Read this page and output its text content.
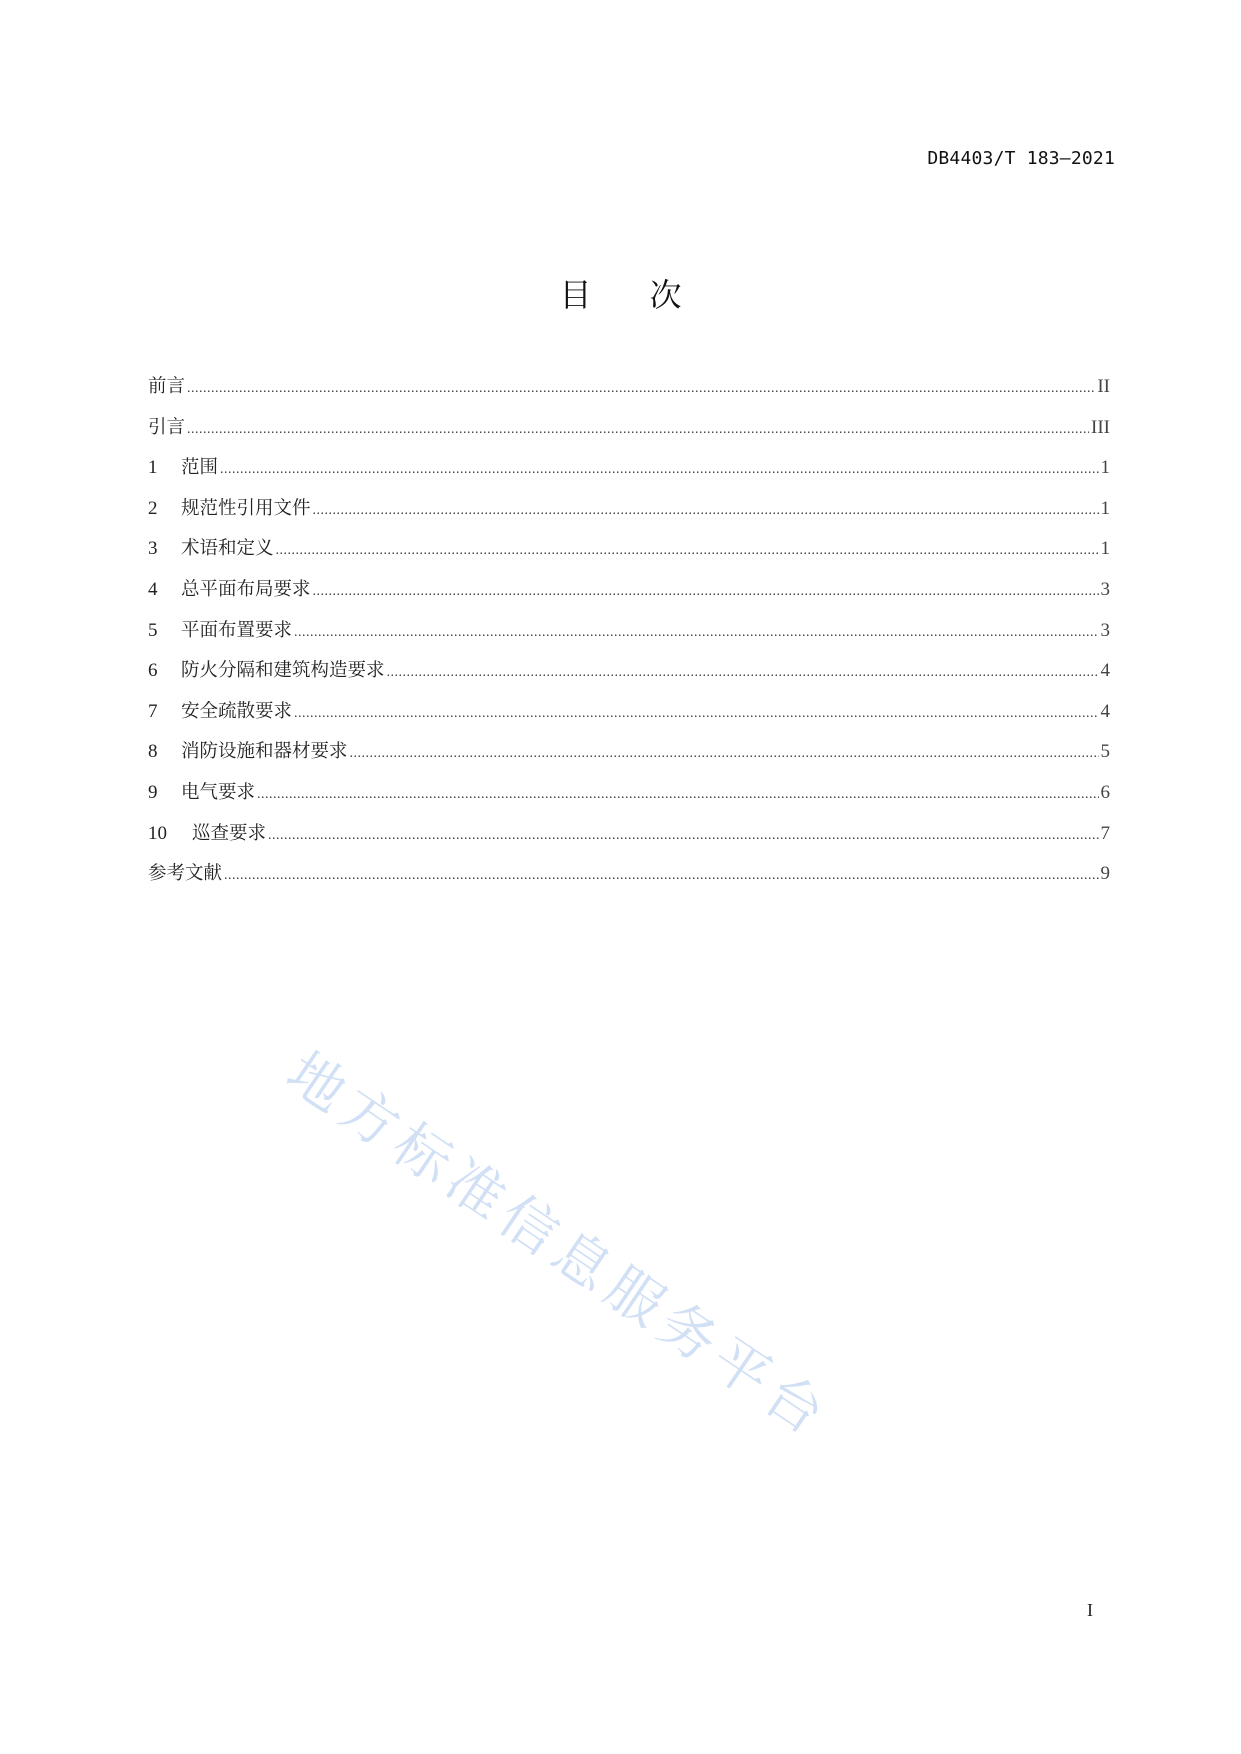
DB4403/T 183—2021
目 次
前言 .....	II
引言 .....	III
1	范围 .....	1
2	规范性引用文件 .....	1
3	术语和定义 .....	1
4	总平面布局要求 .....	3
5	平面布置要求 .....	3
6	防火分隔和建筑构造要求 .....	4
7	安全疏散要求 .....	4
8	消防设施和器材要求 .....	5
9	电气要求 .....	6
10	巡查要求 .....	7
参考文献 .....	9
地方标准信息服务平台
I
